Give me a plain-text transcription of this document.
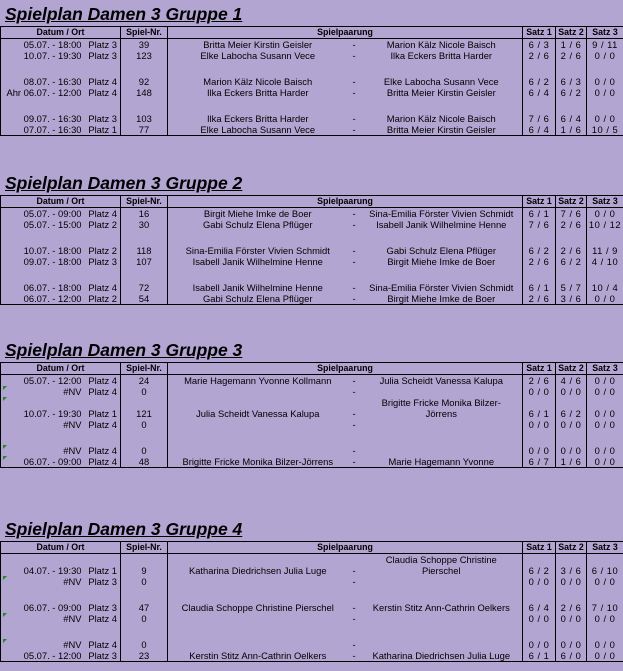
Spielplan Damen 3 Gruppe 1
Datum / Ort		Spiel-Nr.	Spielpaarung			Satz 1	Satz 2	Satz 3
05.07. - 18:00	Platz 3	39	Britta Meier Kirstin Geisler	-	Marion Kälz Nicole Baisch	6 / 3	1 / 6	9 / 11
10.07. - 19:30	Platz 3	123	Elke Labocha Susann Vece	-	Ilka Eckers Britta Harder	2 / 6	2 / 6	0 / 0

08.07. - 16:30	Platz 4	92	Marion Kälz Nicole Baisch	-	Elke Labocha Susann Vece	6 / 2	6 / 3	0 / 0
Ahr 06.07. - 12:00	Platz 4	148	Ilka Eckers Britta Harder	-	Britta Meier Kirstin Geisler	6 / 4	6 / 2	0 / 0

09.07. - 16:30	Platz 3	103	Ilka Eckers Britta Harder	-	Marion Kälz Nicole Baisch	7 / 6	6 / 4	0 / 0
07.07. - 16:30	Platz 1	77	Elke Labocha Susann Vece	-	Britta Meier Kirstin Geisler	6 / 4	1 / 6	10 / 5
Spielplan Damen 3 Gruppe 2
Datum / Ort		Spiel-Nr.	Spielpaarung			Satz 1	Satz 2	Satz 3
05.07. - 09:00	Platz 4	16	Birgit Miehe Imke de Boer	-	Sina-Emilia Förster Vivien Schmidt	6 / 1	7 / 6	0 / 0
05.07. - 15:00	Platz 2	30	Gabi Schulz Elena Pflüger	-	Isabell Janik Wilhelmine Henne	7 / 6	2 / 6	10 / 12

10.07. - 18:00	Platz 2	118	Sina-Emilia Förster Vivien Schmidt	-	Gabi Schulz Elena Pflüger	6 / 2	2 / 6	11 / 9
09.07. - 18:00	Platz 3	107	Isabell Janik Wilhelmine Henne	-	Birgit Miehe Imke de Boer	2 / 6	6 / 2	4 / 10

06.07. - 18:00	Platz 4	72	Isabell Janik Wilhelmine Henne	-	Sina-Emilia Förster Vivien Schmidt	6 / 1	5 / 7	10 / 4
06.07. - 12:00	Platz 2	54	Gabi Schulz Elena Pflüger	-	Birgit Miehe Imke de Boer	2 / 6	3 / 6	0 / 0
Spielplan Damen 3 Gruppe 3
Datum / Ort		Spiel-Nr.	Spielpaarung			Satz 1	Satz 2	Satz 3
05.07. - 12:00	Platz 4	24	Marie Hagemann Yvonne Kollmann	-	Julia Scheidt Vanessa Kalupa	2 / 6	4 / 6	0 / 0
#NV	Platz 4	0		-		0 / 0	0 / 0	0 / 0

					Brigitte Fricke Monika Bilzer-			
10.07. - 19:30	Platz 1	121	Julia Scheidt Vanessa Kalupa	-	Jörrens	6 / 1	6 / 2	0 / 0
#NV	Platz 4	0		-		0 / 0	0 / 0	0 / 0

#NV	Platz 4	0		-		0 / 0	0 / 0	0 / 0
06.07. - 09:00	Platz 4	48	Brigitte Fricke Monika Bilzer-Jörrens	-	Marie Hagemann Yvonne	6 / 7	1 / 6	0 / 0
Spielplan Damen 3 Gruppe 4
Datum / Ort		Spiel-Nr.	Spielpaarung			Satz 1	Satz 2	Satz 3
					Claudia Schoppe Christine			
04.07. - 19:30	Platz 1	9	Katharina Diedrichsen Julia Luge	-	Pierschel	6 / 2	3 / 6	6 / 10
#NV	Platz 3	0		-		0 / 0	0 / 0	0 / 0

06.07. - 09:00	Platz 3	47	Claudia Schoppe Christine Pierschel	-	Kerstin Stitz Ann-Cathrin Oelkers	6 / 4	2 / 6	7 / 10
#NV	Platz 4	0		-		0 / 0	0 / 0	0 / 0

#NV	Platz 4	0		-		0 / 0	0 / 0	0 / 0
05.07. - 12:00	Platz 3	23	Kerstin Stitz Ann-Cathrin Oelkers	-	Katharina Diedrichsen Julia Luge	6 / 1	6 / 0	0 / 0
